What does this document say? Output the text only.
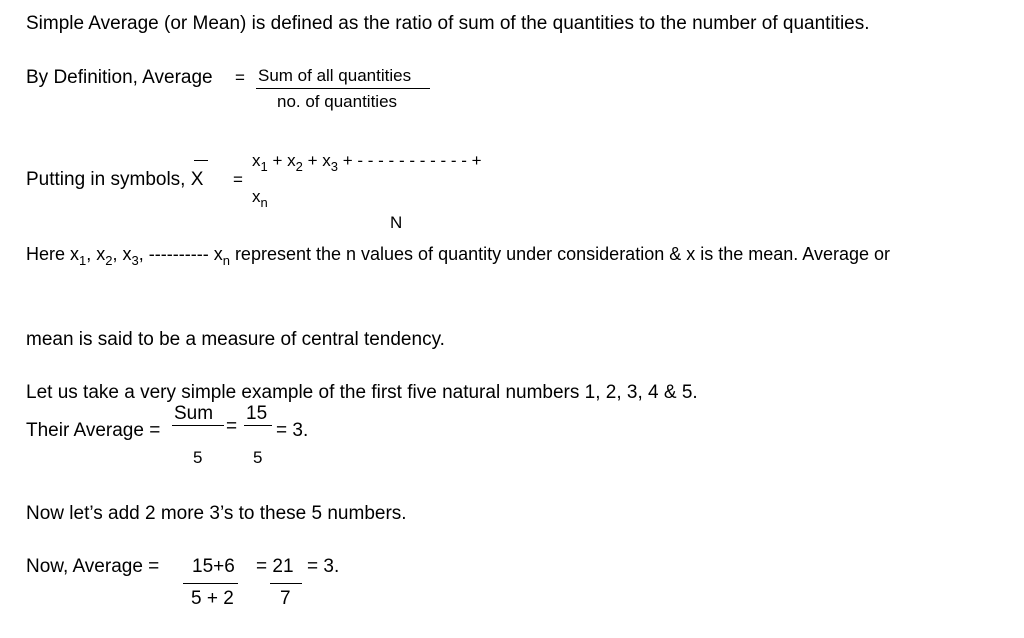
Simple Average (or Mean) is defined as the ratio of sum of the quantities to the number of quantities.
By Definition, Average = Sum of all quantities
no. of quantities
Putting in symbols, X =
$x_1 + x_2 + x_3$ + - - - - - - - - - - - +
$x_n$
N
Here $x_1$, $x_2$, $x_3$, ---------- $x_n$ represent the n values of quantity under consideration & x is the mean. Average or
mean is said to be a measure of central tendency.
Let us take a very simple example of the first five natural numbers 1, 2, 3, 4 & 5.
Their Average =
Sum
=
15
= 3.
5	5
Now let’s add 2 more 3’s to these 5 numbers.
Now, Average = 15+6 = 21 = 3.
5 + 2 7
